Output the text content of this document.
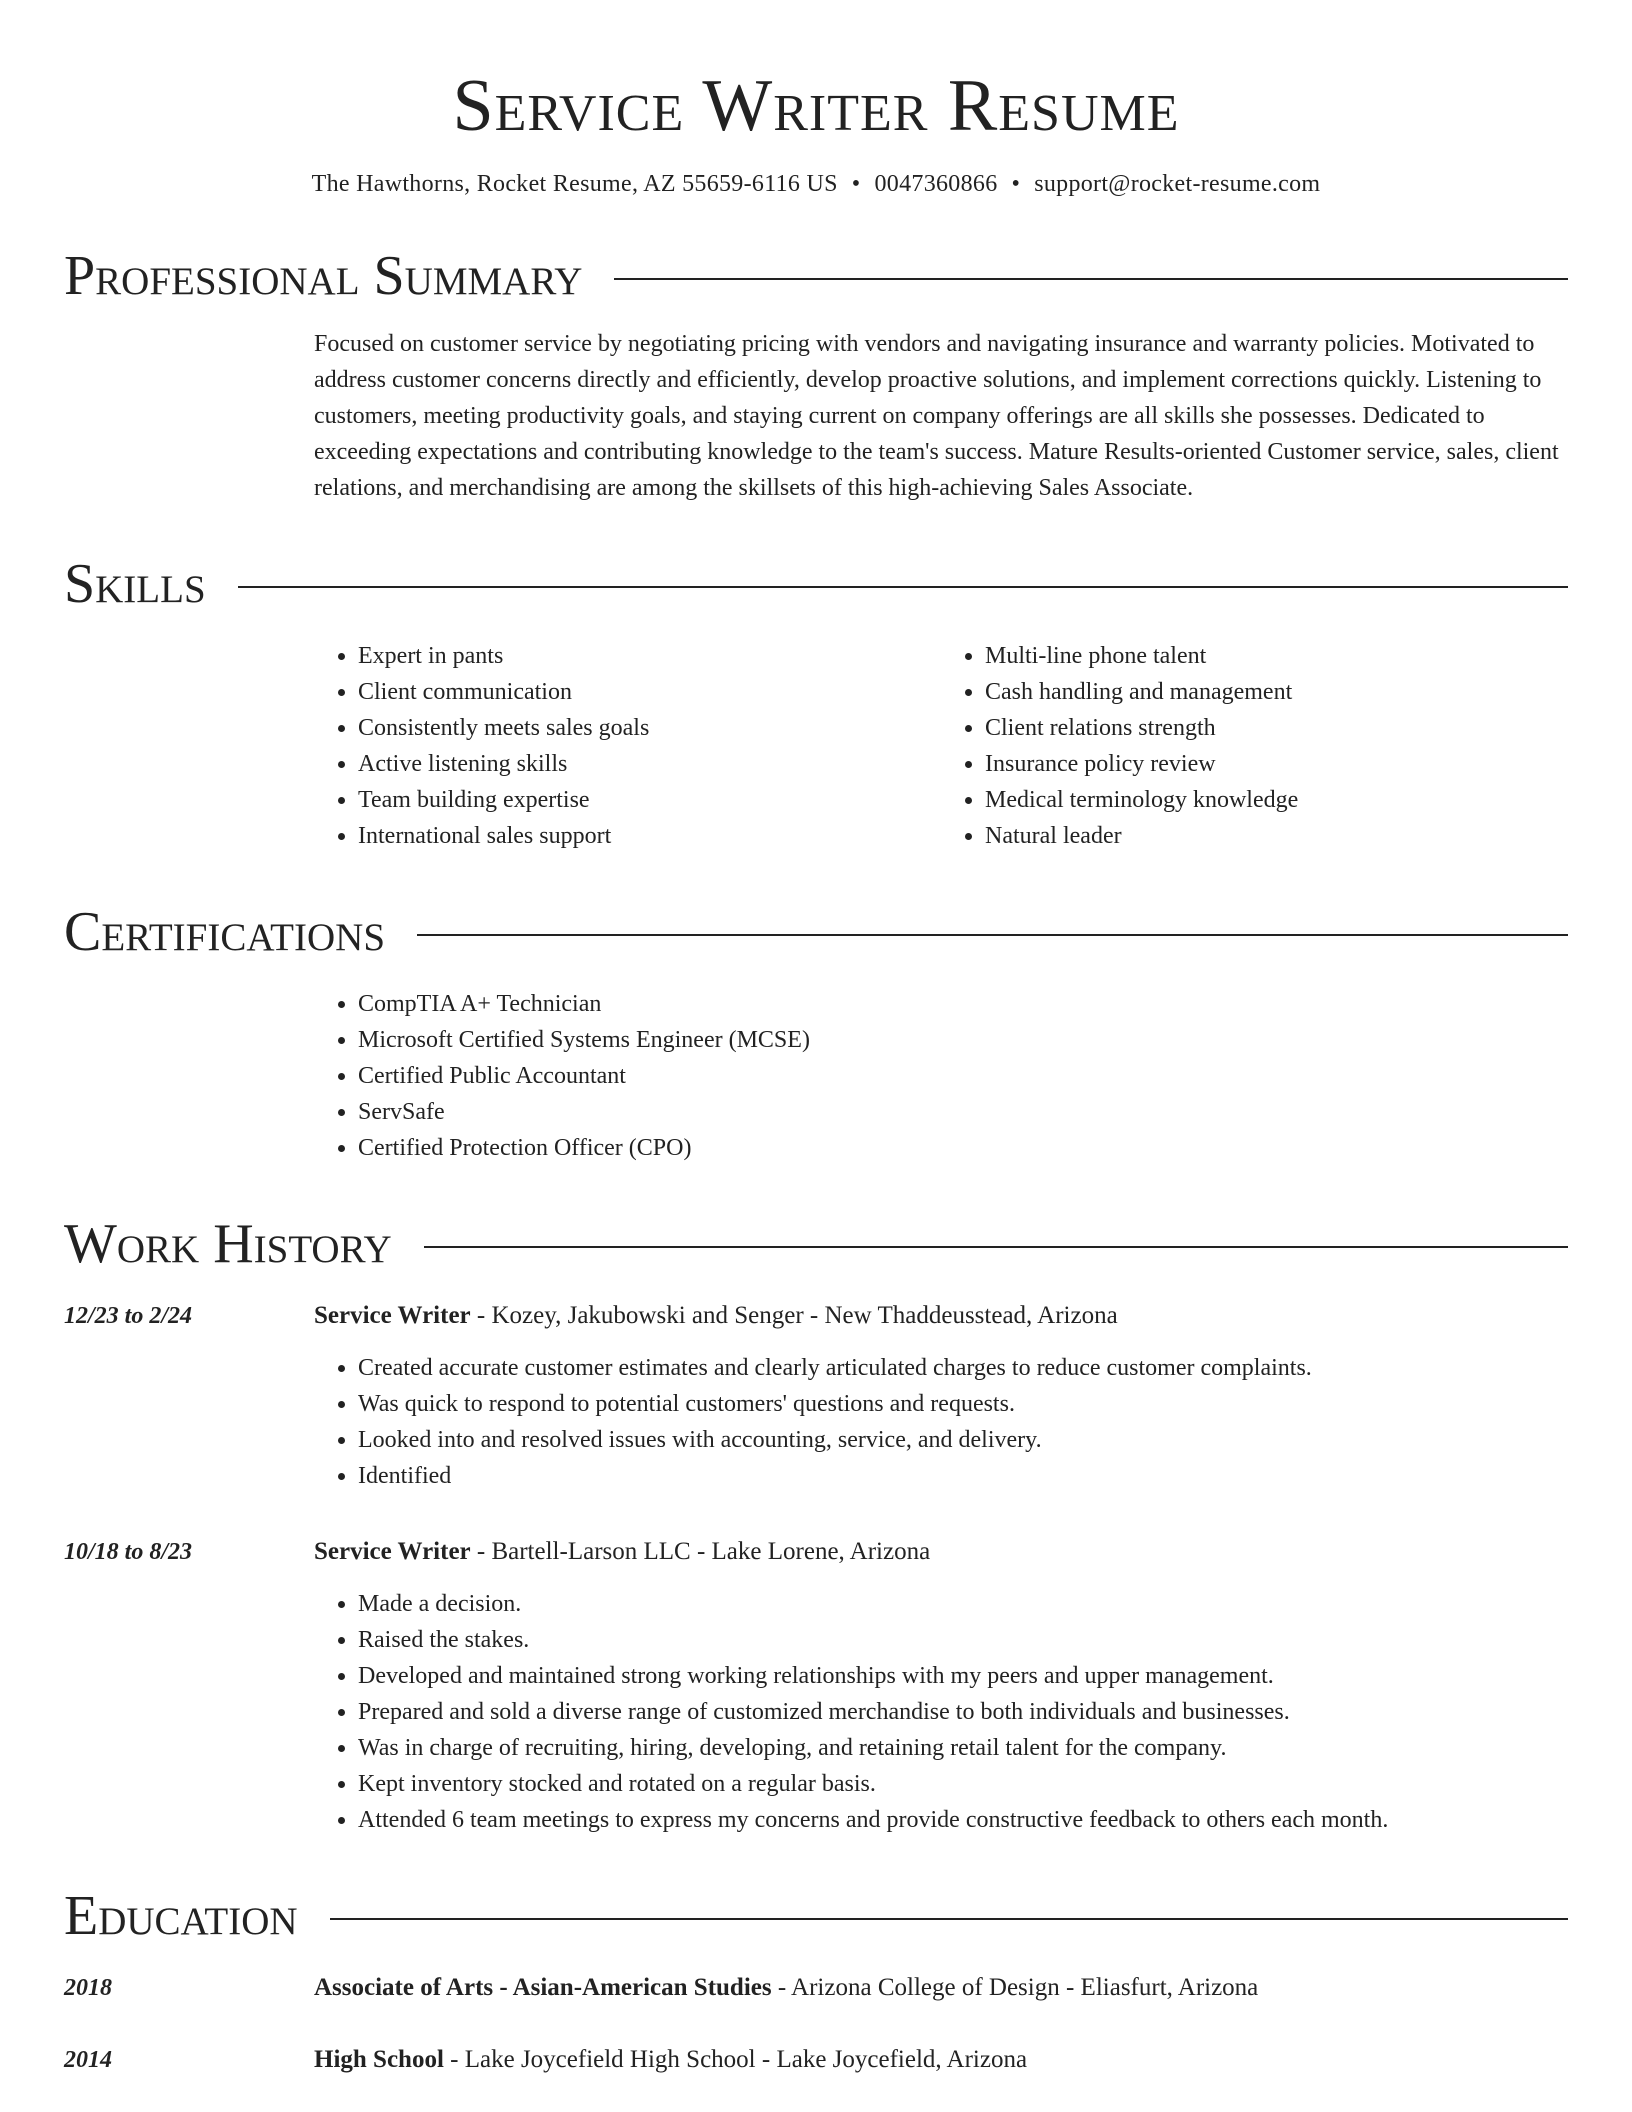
Service Writer Resume
The Hawthorns, Rocket Resume, AZ 55659-6116 US • 0047360866 • support@rocket-resume.com
Professional Summary
Focused on customer service by negotiating pricing with vendors and navigating insurance and warranty policies. Motivated to address customer concerns directly and efficiently, develop proactive solutions, and implement corrections quickly. Listening to customers, meeting productivity goals, and staying current on company offerings are all skills she possesses. Dedicated to exceeding expectations and contributing knowledge to the team's success. Mature Results-oriented Customer service, sales, client relations, and merchandising are among the skillsets of this high-achieving Sales Associate.
Skills
• Expert in pants
• Client communication
• Consistently meets sales goals
• Active listening skills
• Team building expertise
• International sales support
• Multi-line phone talent
• Cash handling and management
• Client relations strength
• Insurance policy review
• Medical terminology knowledge
• Natural leader
Certifications
• CompTIA A+ Technician
• Microsoft Certified Systems Engineer (MCSE)
• Certified Public Accountant
• ServSafe
• Certified Protection Officer (CPO)
Work History
12/23 to 2/24	Service Writer - Kozey, Jakubowski and Senger - New Thaddeusstead, Arizona
• Created accurate customer estimates and clearly articulated charges to reduce customer complaints.
• Was quick to respond to potential customers' questions and requests.
• Looked into and resolved issues with accounting, service, and delivery.
• Identified
10/18 to 8/23	Service Writer - Bartell-Larson LLC - Lake Lorene, Arizona
• Made a decision.
• Raised the stakes.
• Developed and maintained strong working relationships with my peers and upper management.
• Prepared and sold a diverse range of customized merchandise to both individuals and businesses.
• Was in charge of recruiting, hiring, developing, and retaining retail talent for the company.
• Kept inventory stocked and rotated on a regular basis.
• Attended 6 team meetings to express my concerns and provide constructive feedback to others each month.
Education
2018	Associate of Arts - Asian-American Studies - Arizona College of Design - Eliasfurt, Arizona
2014	High School - Lake Joycefield High School - Lake Joycefield, Arizona
